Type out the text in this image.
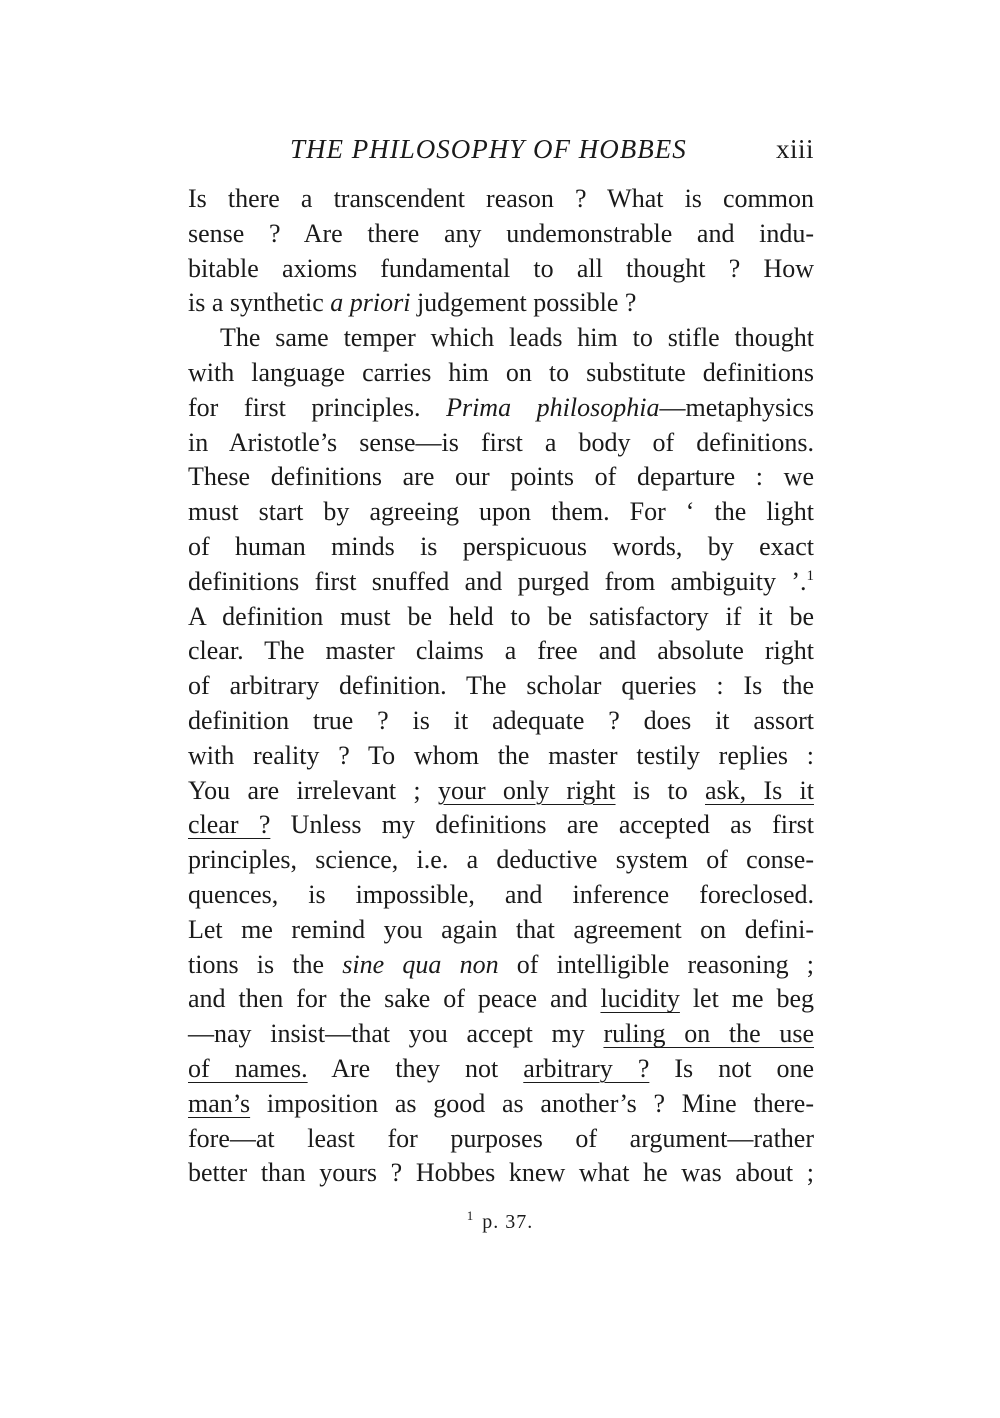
THE PHILOSOPHY OF HOBBES	xiii
Is there a transcendent reason ? What is common
sense ? Are there any undemonstrable and indu-
bitable axioms fundamental to all thought ? How
is a synthetic a priori judgement possible ?
The same temper which leads him to stifle thought
with language carries him on to substitute definitions
for first principles. Prima philosophia—metaphysics
in Aristotle’s sense—is first a body of definitions.
These definitions are our points of departure : we
must start by agreeing upon them. For ‘ the light
of human minds is perspicuous words, by exact
definitions first snuffed and purged from ambiguity ’.$^1$
A definition must be held to be satisfactory if it be
clear. The master claims a free and absolute right
of arbitrary definition. The scholar queries : Is the
definition true ? is it adequate ? does it assort
with reality ? To whom the master testily replies :
You are irrelevant ; your only right is to ask, Is it
clear ? Unless my definitions are accepted as first
principles, science, i.e. a deductive system of conse-
quences, is impossible, and inference foreclosed.
Let me remind you again that agreement on defini-
tions is the sine qua non of intelligible reasoning ;
and then for the sake of peace and lucidity let me beg
—nay insist—that you accept my ruling on the use
of names. Are they not arbitrary ? Is not one
man’s imposition as good as another’s ? Mine there-
fore—at least for purposes of argument—rather
better than yours ? Hobbes knew what he was about ;
$^1$ p. 37.
